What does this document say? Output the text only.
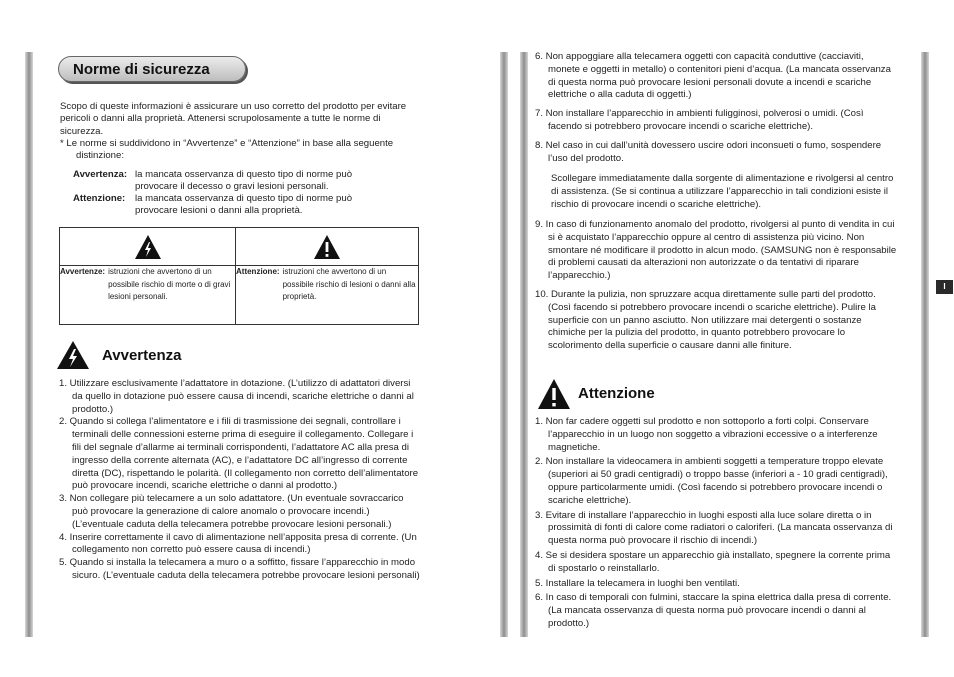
Norme di sicurezza

Scopo di queste informazioni è assicurare un uso corretto del prodotto per evitare pericoli o danni alla proprietà. Attenersi scrupolosamente a tutte le norme di sicurezza.

* Le norme si suddividono in “Avvertenze” e “Attenzione” in base alla seguente distinzione:

Avvertenza: la mancata osservanza di questo tipo di norme può provocare il decesso o gravi lesioni personali.
Attenzione:	la mancata osservanza di questo tipo di norme può provocare lesioni o danni alla proprietà.

Avvertenze: istruzioni che avvertono di un possibile rischio di morte o di gravi lesioni personali.	Attenzione: istruzioni che avvertono di un possibile rischio di lesioni o danni alla proprietà.
Avvertenza
1. Utilizzare esclusivamente l’adattatore in dotazione. (L’utilizzo di adattatori diversi da quello in dotazione può essere causa di incendi, scariche elettriche o danni al prodotto.)
2. Quando si collega l’alimentatore e i fili di trasmissione dei segnali, controllare i terminali delle connessioni esterne prima di eseguire il collegamento. Collegare i fili del segnale d’allarme ai terminali corrispondenti, l’adattatore AC alla presa di ingresso della corrente alternata (AC), e l’adattatore DC all’ingresso di corrente diretta (DC), rispettando le polarità. (Il collegamento non corretto dell’alimentatore può provocare incendi, scariche elettriche o danni al prodotto.)
3. Non collegare più telecamere a un solo adattatore. (Un eventuale sovraccarico può provocare la generazione di calore anomalo o provocare incendi.) (L’eventuale caduta della telecamera potrebbe provocare lesioni personali.)
4. Inserire correttamente il cavo di alimentazione nell’apposita presa di corrente. (Un collegamento non corretto può essere causa di incendi.)
5. Quando si installa la telecamera a muro o a soffitto, fissare l’apparecchio in modo sicuro. (L’eventuale caduta della telecamera potrebbe provocare lesioni personali)
6. Non appoggiare alla telecamera oggetti con capacità conduttive (cacciaviti, monete e oggetti in metallo) o contenitori pieni d’acqua. (La mancata osservanza di questa norma può provocare lesioni personali dovute a incendi e scariche elettriche o alla caduta di oggetti.)
7. Non installare l’apparecchio in ambienti fuligginosi, polverosi o umidi. (Così facendo si potrebbero provocare incendi o scariche elettriche).
8. Nel caso in cui dall’unità dovessero uscire odori inconsueti o fumo, sospendere l’uso del prodotto.

Scollegare immediatamente dalla sorgente di alimentazione e rivolgersi al centro di assistenza. (Se si continua a utilizzare l’apparecchio in tali condizioni esiste il rischio di provocare incendi o scariche elettriche).

9. In caso di funzionamento anomalo del prodotto, rivolgersi al punto di vendita in cui si è acquistato l’apparecchio oppure al centro di assistenza più vicino. Non smontare né modificare il prodotto in alcun modo. (SAMSUNG non è responsabile di problemi causati da alterazioni non autorizzate o da tentativi di riparare l’apparecchio.)
10. Durante la pulizia, non spruzzare acqua direttamente sulle parti del prodotto. (Così facendo si potrebbero provocare incendi o scariche elettriche). Pulire la superficie con un panno asciutto. Non utilizzare mai detergenti o sostanze chimiche per la pulizia del prodotto, in quanto potrebbero provocare lo scolorimento della superficie o causare danni alle finiture.
Attenzione
1. Non far cadere oggetti sul prodotto e non sottoporlo a forti colpi. Conservare l’apparecchio in un luogo non soggetto a vibrazioni eccessive o a interferenze magnetiche.
2. Non installare la videocamera in ambienti soggetti a temperature troppo elevate (superiori ai 50 gradi centigradi) o troppo basse (inferiori a - 10 gradi centigradi), oppure particolarmente umidi. (Così facendo si potrebbero provocare incendi o scariche elettriche).
3. Evitare di installare l’apparecchio in luoghi esposti alla luce solare diretta o in prossimità di fonti di calore come radiatori o caloriferi. (La mancata osservanza di questa norma può provocare il rischio di incendi.)
4. Se si desidera spostare un apparecchio già installato, spegnere la corrente prima di spostarlo o reinstallarlo.
5. Installare la telecamera in luoghi ben ventilati.
6. In caso di temporali con fulmini, staccare la spina elettrica dalla presa di corrente. (La mancata osservanza di questa norma può provocare incendi o danni al prodotto.)
I
